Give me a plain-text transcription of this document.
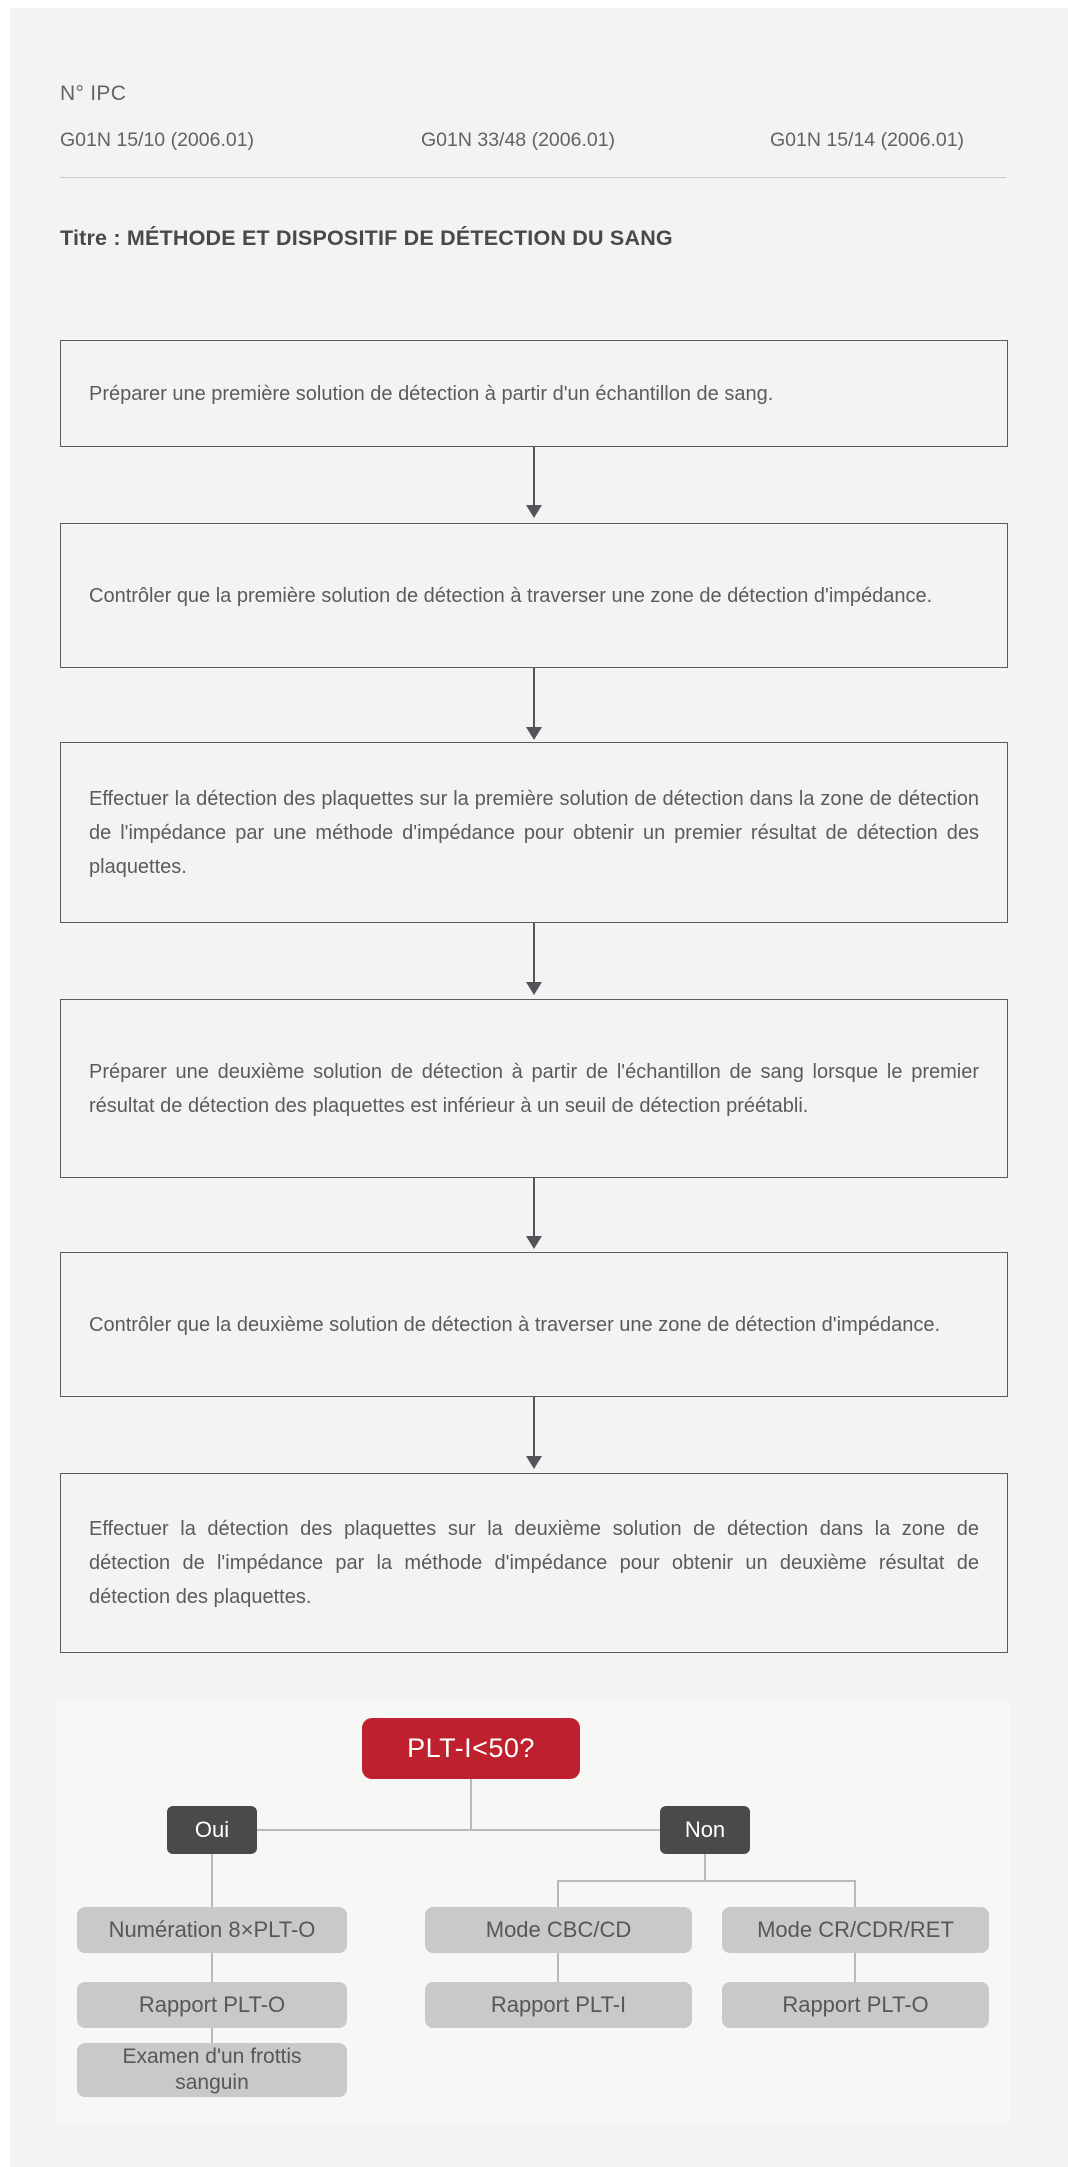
N° IPC
G01N 15/10 (2006.01)	G01N 33/48 (2006.01)	G01N 15/14 (2006.01)
Titre : MÉTHODE ET DISPOSITIF DE DÉTECTION DU SANG

Préparer une première solution de détection à partir d'un échantillon de sang.

Contrôler que la première solution de détection à traverser une zone de détection d'impédance.

Effectuer la détection des plaquettes sur la première solution de détection dans la zone de détection de l'impédance par une méthode d'impédance pour obtenir un premier résultat de détection des plaquettes.

Préparer une deuxième solution de détection à partir de l'échantillon de sang lorsque le premier résultat de détection des plaquettes est inférieur à un seuil de détection préétabli.

Contrôler que la deuxième solution de détection à traverser une zone de détection d'impédance.

Effectuer la détection des plaquettes sur la deuxième solution de détection dans la zone de détection de l'impédance par la méthode d'impédance pour obtenir un deuxième résultat de détection des plaquettes.

PLT-I<50?
Oui	Non
Numération 8×PLT-O	Mode CBC/CD	Mode CR/CDR/RET
Rapport PLT-O	Rapport PLT-I	Rapport PLT-O
Examen d'un frottis sanguin
